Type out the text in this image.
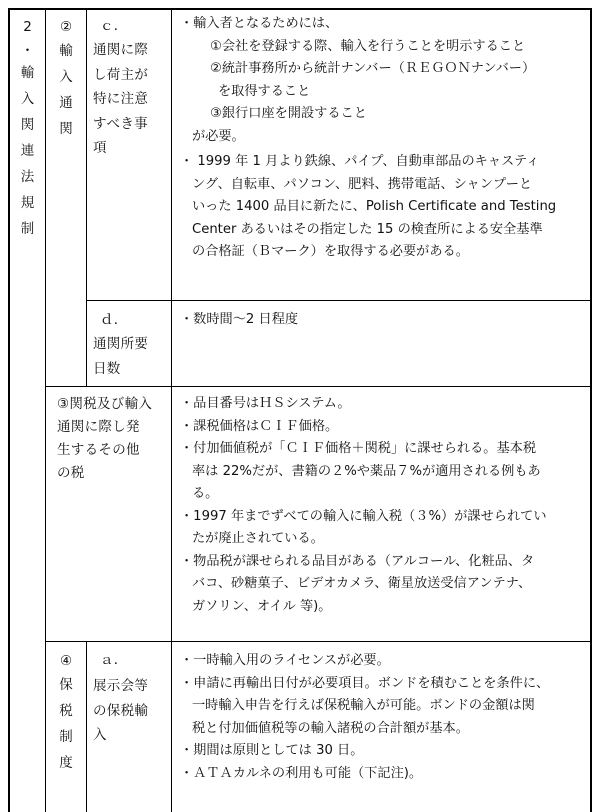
2
・
輸
入
関
連
法
規
制
②
輸
入
通
関
ｃ．
通関に際
し荷主が
特に注意
すべき事
項
・輸入者となるためには、
①会社を登録する際、輸入を行うことを明示すること
②統計事務所から統計ナンバー（ＲＥＧＯＮナンバー）
を取得すること
③銀行口座を開設すること
が必要。
・ 1999 年 1 月より鉄線、パイプ、自動車部品のキャスティ
ング、自転車、パソコン、肥料、携帯電話、シャンプーと
いった 1400 品目に新たに、Polish Certificate and Testing
Center あるいはその指定した 15 の検査所による安全基準
の合格証（Ｂマーク）を取得する必要がある。
ｄ．
通関所要
日数
・数時間～2 日程度
③関税及び輸入
通関に際し発
生するその他
の税
・品目番号はＨＳシステム。
・課税価格はＣＩＦ価格。
・付加価値税が「ＣＩＦ価格＋関税」に課せられる。基本税
率は 22%だが、書籍の２%や薬品７%が適用される例もあ
る。
・1997 年までずべての輸入に輸入税（３%）が課せられてい
たが廃止されている。
・物品税が課せられる品目がある（アルコール、化粧品、タ
バコ、砂糖菓子、ビデオカメラ、衛星放送受信アンテナ、
ガソリン、オイル 等)。
④
保
税
制
度
ａ．
展示会等
の保税輸
入
・一時輸入用のライセンスが必要。
・申請に再輸出日付が必要項目。ボンドを積むことを条件に、
一時輸入申告を行えば保税輸入が可能。ボンドの金額は関
税と付加価値税等の輸入諸税の合計額が基本。
・期間は原則としては 30 日。
・ＡＴＡカルネの利用も可能（下記注)。
